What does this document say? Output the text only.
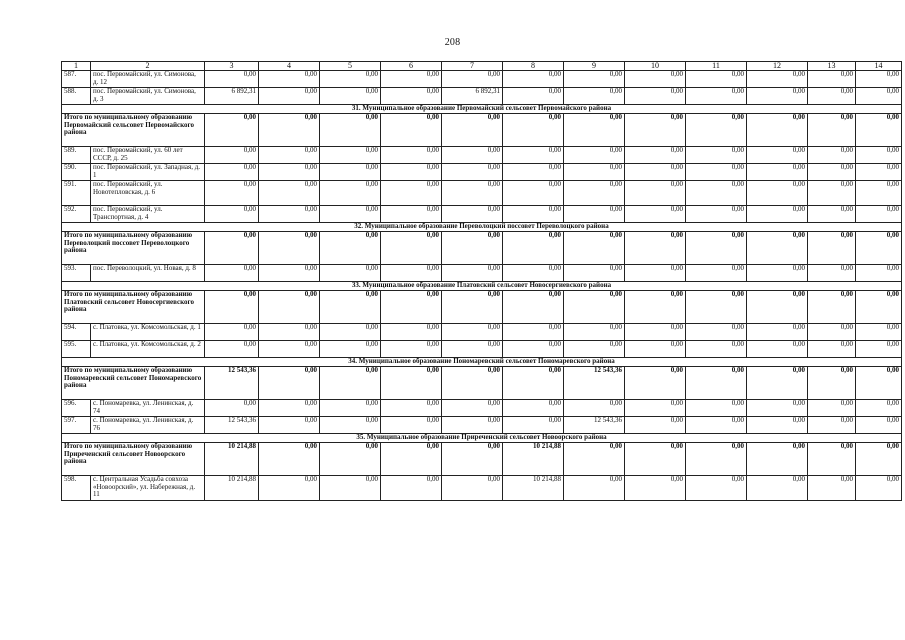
208
1	2	3	4	5	6	7	8	9	10	11	12	13	14
587.	пос. Первомайский, ул. Симонова, д. 12	0,00	0,00	0,00	0,00	0,00	0,00	0,00	0,00	0,00	0,00	0,00	0,00
588.	пос. Первомайский, ул. Симонова, д. 3	6 892,31	0,00	0,00	0,00	6 892,31	0,00	0,00	0,00	0,00	0,00	0,00	0,00
31. Муниципальное образование Первомайский сельсовет Первомайского района													
Итого по муниципальному образованию Первомайский сельсовет Первомайского района		0,00	0,00	0,00	0,00	0,00	0,00	0,00	0,00	0,00	0,00	0,00	0,00
589.	пос. Первомайский, ул. 60 лет СССР, д. 25	0,00	0,00	0,00	0,00	0,00	0,00	0,00	0,00	0,00	0,00	0,00	0,00
590.	пос. Первомайский, ул. Западная, д. 1	0,00	0,00	0,00	0,00	0,00	0,00	0,00	0,00	0,00	0,00	0,00	0,00
591.	пос. Первомайский, ул. Новотепловская, д. 6	0,00	0,00	0,00	0,00	0,00	0,00	0,00	0,00	0,00	0,00	0,00	0,00
592.	пос. Первомайский, ул. Транспортная, д. 4	0,00	0,00	0,00	0,00	0,00	0,00	0,00	0,00	0,00	0,00	0,00	0,00
32. Муниципальное образование Переволоцкий поссовет Переволоцкого района													
Итого по муниципальному образованию Переволоцкий поссовет Переволоцкого района		0,00	0,00	0,00	0,00	0,00	0,00	0,00	0,00	0,00	0,00	0,00	0,00
593.	пос. Переволоцкий, ул. Новая, д. 8	0,00	0,00	0,00	0,00	0,00	0,00	0,00	0,00	0,00	0,00	0,00	0,00
33. Муниципальное образование Платовский сельсовет Новосергиевского района													
Итого по муниципальному образованию Платовский сельсовет Новосергиевского района		0,00	0,00	0,00	0,00	0,00	0,00	0,00	0,00	0,00	0,00	0,00	0,00
594.	с. Платовка, ул. Комсомольская, д. 1	0,00	0,00	0,00	0,00	0,00	0,00	0,00	0,00	0,00	0,00	0,00	0,00
595.	с. Платовка, ул. Комсомольская, д. 2	0,00	0,00	0,00	0,00	0,00	0,00	0,00	0,00	0,00	0,00	0,00	0,00
34. Муниципальное образование Пономаревский сельсовет Пономаревского района													
Итого по муниципальному образованию Пономаревский сельсовет Пономаревского района		12 543,36	0,00	0,00	0,00	0,00	0,00	12 543,36	0,00	0,00	0,00	0,00	0,00
596.	с. Пономаревка, ул. Ленинская, д. 74	0,00	0,00	0,00	0,00	0,00	0,00	0,00	0,00	0,00	0,00	0,00	0,00
597.	с. Пономаревка, ул. Ленинская, д. 76	12 543,36	0,00	0,00	0,00	0,00	0,00	12 543,36	0,00	0,00	0,00	0,00	0,00
35. Муниципальное образование Приреченский сельсовет Новоорского района													
Итого по муниципальному образованию Приреченский сельсовет Новоорского района		10 214,88	0,00	0,00	0,00	0,00	10 214,88	0,00	0,00	0,00	0,00	0,00	0,00
598.	с. Центральная Усадьба совхоза «Новоорский», ул. Набережная, д. 11	10 214,88	0,00	0,00	0,00	0,00	10 214,88	0,00	0,00	0,00	0,00	0,00	0,00
